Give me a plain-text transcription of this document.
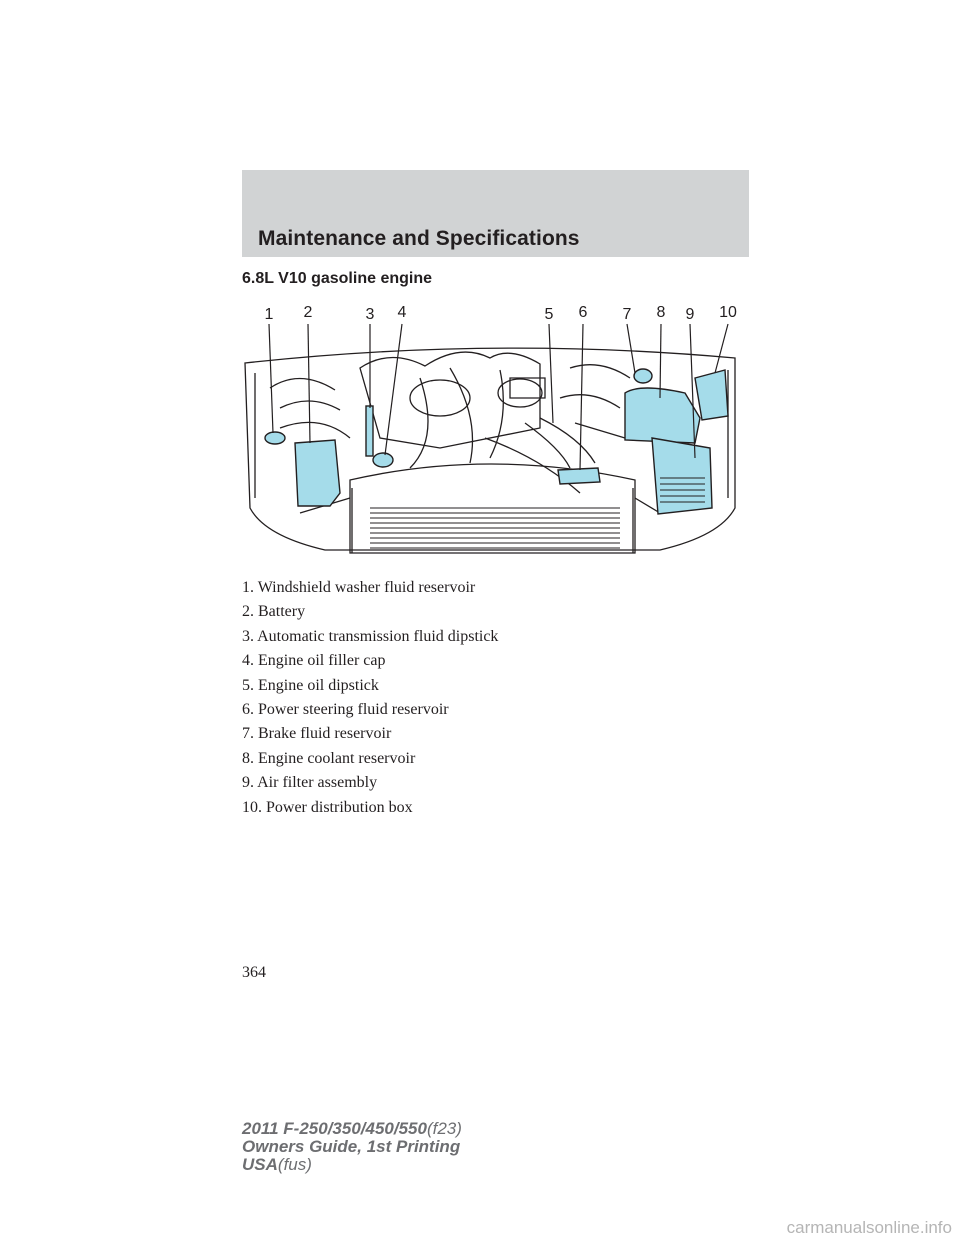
Maintenance and Specifications
6.8L V10 gasoline engine
1 2	3 4	5 6 7 8 9 10
1. Windshield washer fluid reservoir
2. Battery
3. Automatic transmission fluid dipstick
4. Engine oil filler cap
5. Engine oil dipstick
6. Power steering fluid reservoir
7. Brake fluid reservoir
8. Engine coolant reservoir
9. Air filter assembly
10. Power distribution box
364
2011 F-250/350/450/550(f23)
Owners Guide, 1st Printing
USA(fus)
carmanualsonline.info
